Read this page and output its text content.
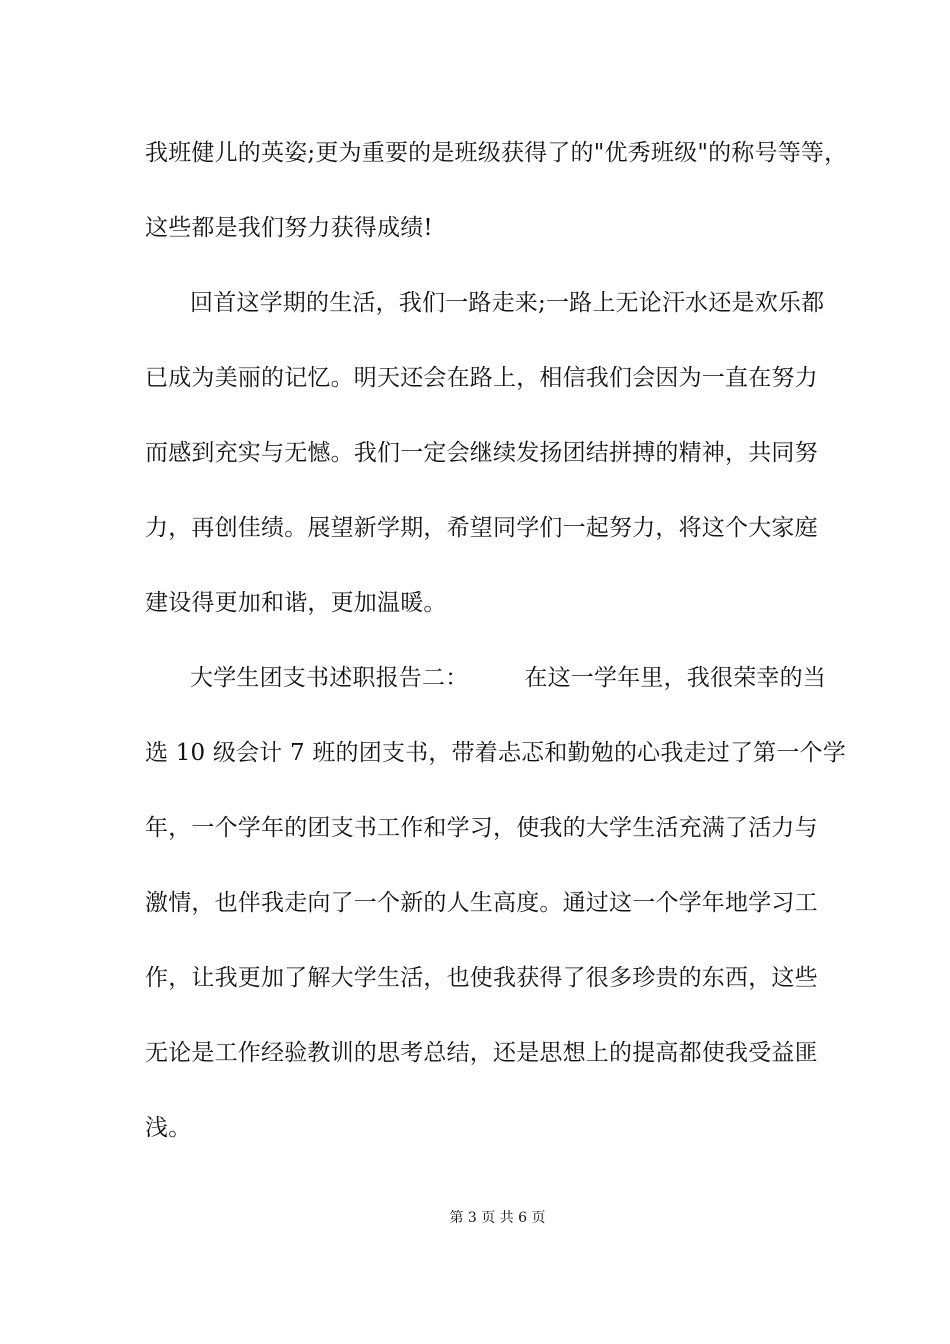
我班健儿的英姿;更为重要的是班级获得了的"优秀班级"的称号等等，
这些都是我们努力获得成绩!
回首这学期的生活，我们一路走来;一路上无论汗水还是欢乐都
已成为美丽的记忆。明天还会在路上，相信我们会因为一直在努力
而感到充实与无憾。我们一定会继续发扬团结拼搏的精神，共同努
力，再创佳绩。展望新学期，希望同学们一起努力，将这个大家庭
建设得更加和谐，更加温暖。
大学生团支书述职报告二： 在这一学年里，我很荣幸的当
选 10 级会计 7 班的团支书，带着忐忑和勤勉的心我走过了第一个学
年，一个学年的团支书工作和学习，使我的大学生活充满了活力与
激情，也伴我走向了一个新的人生高度。通过这一个学年地学习工
作，让我更加了解大学生活，也使我获得了很多珍贵的东西，这些
无论是工作经验教训的思考总结，还是思想上的提高都使我受益匪
浅。
第 3 页 共 6 页
